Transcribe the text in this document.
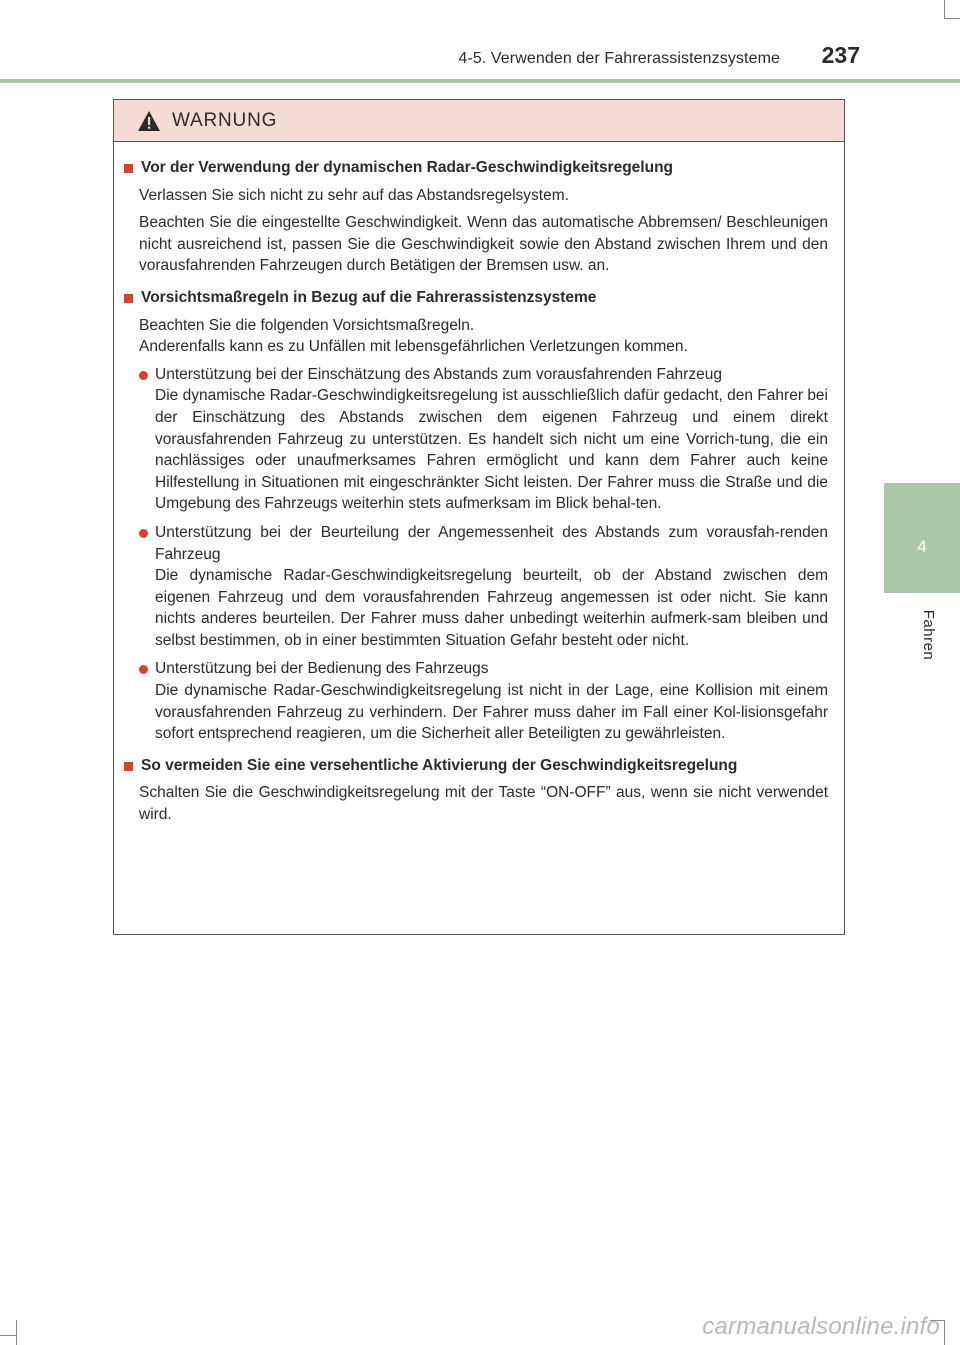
4-5. Verwenden der Fahrerassistenzsysteme	237
4
Fahren
WARNUNG
Vor der Verwendung der dynamischen Radar-Geschwindigkeitsregelung

Verlassen Sie sich nicht zu sehr auf das Abstandsregelsystem.

Beachten Sie die eingestellte Geschwindigkeit. Wenn das automatische Abbremsen/ Beschleunigen nicht ausreichend ist, passen Sie die Geschwindigkeit sowie den Abstand zwischen Ihrem und den vorausfahrenden Fahrzeugen durch Betätigen der Bremsen usw. an.

Vorsichtsmaßregeln in Bezug auf die Fahrerassistenzsysteme

Beachten Sie die folgenden Vorsichtsmaßregeln.

Anderenfalls kann es zu Unfällen mit lebensgefährlichen Verletzungen kommen.

Unterstützung bei der Einschätzung des Abstands zum vorausfahrenden Fahrzeug
Die dynamische Radar-Geschwindigkeitsregelung ist ausschließlich dafür gedacht, den Fahrer bei der Einschätzung des Abstands zwischen dem eigenen Fahrzeug und einem direkt vorausfahrenden Fahrzeug zu unterstützen. Es handelt sich nicht um eine Vorrich-tung, die ein nachlässiges oder unaufmerksames Fahren ermöglicht und kann dem Fahrer auch keine Hilfestellung in Situationen mit eingeschränkter Sicht leisten. Der Fahrer muss die Straße und die Umgebung des Fahrzeugs weiterhin stets aufmerksam im Blick behal-ten.
Unterstützung bei der Beurteilung der Angemessenheit des Abstands zum vorausfah-renden Fahrzeug
Die dynamische Radar-Geschwindigkeitsregelung beurteilt, ob der Abstand zwischen dem eigenen Fahrzeug und dem vorausfahrenden Fahrzeug angemessen ist oder nicht. Sie kann nichts anderes beurteilen. Der Fahrer muss daher unbedingt weiterhin aufmerk-sam bleiben und selbst bestimmen, ob in einer bestimmten Situation Gefahr besteht oder nicht.
Unterstützung bei der Bedienung des Fahrzeugs
Die dynamische Radar-Geschwindigkeitsregelung ist nicht in der Lage, eine Kollision mit einem vorausfahrenden Fahrzeug zu verhindern. Der Fahrer muss daher im Fall einer Kol-lisionsgefahr sofort entsprechend reagieren, um die Sicherheit aller Beteiligten zu gewährleisten.
So vermeiden Sie eine versehentliche Aktivierung der Geschwindigkeitsregelung

Schalten Sie die Geschwindigkeitsregelung mit der Taste “ON-OFF” aus, wenn sie nicht verwendet wird.

carmanualsonline.info
